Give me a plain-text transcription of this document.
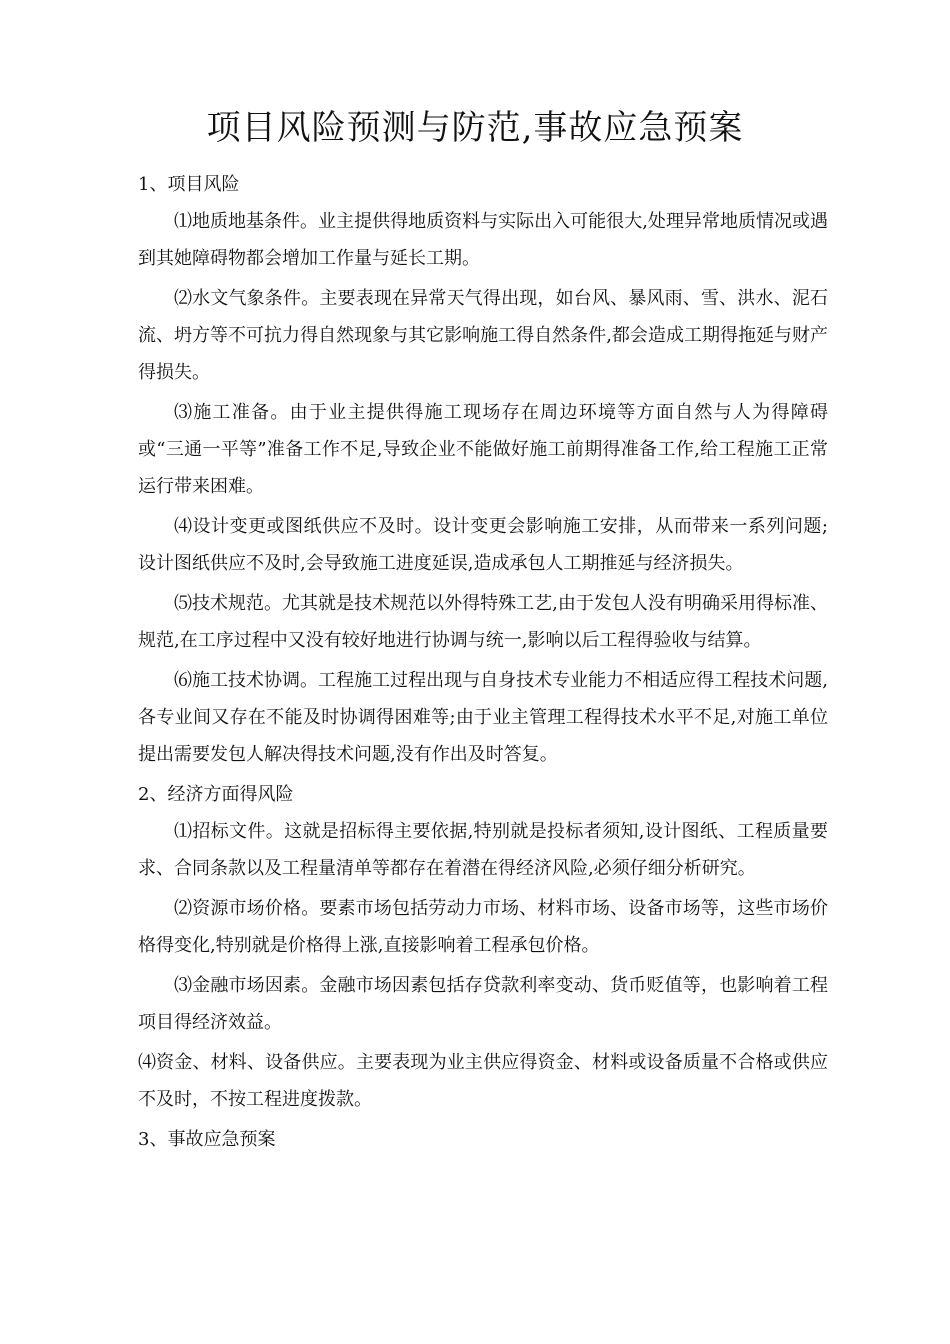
项目风险预测与防范,事故应急预案

1、项目风险

⑴地质地基条件。业主提供得地质资料与实际出入可能很大,处理异常地质情况或遇到其她障碍物都会增加工作量与延长工期。

⑵水文气象条件。主要表现在异常天气得出现，如台风、暴风雨、雪、洪水、泥石流、坍方等不可抗力得自然现象与其它影响施工得自然条件,都会造成工期得拖延与财产得损失。

⑶施工准备。由于业主提供得施工现场存在周边环境等方面自然与人为得障碍或“三通一平等”准备工作不足,导致企业不能做好施工前期得准备工作,给工程施工正常运行带来困难。

⑷设计变更或图纸供应不及时。设计变更会影响施工安排，从而带来一系列问题;设计图纸供应不及时,会导致施工进度延误,造成承包人工期推延与经济损失。

⑸技术规范。尤其就是技术规范以外得特殊工艺,由于发包人没有明确采用得标准、规范,在工序过程中又没有较好地进行协调与统一,影响以后工程得验收与结算。

⑹施工技术协调。工程施工过程出现与自身技术专业能力不相适应得工程技术问题,各专业间又存在不能及时协调得困难等;由于业主管理工程得技术水平不足,对施工单位提出需要发包人解决得技术问题,没有作出及时答复。

2、经济方面得风险

⑴招标文件。这就是招标得主要依据,特别就是投标者须知,设计图纸、工程质量要求、合同条款以及工程量清单等都存在着潜在得经济风险,必须仔细分析研究。

⑵资源市场价格。要素市场包括劳动力市场、材料市场、设备市场等，这些市场价格得变化,特别就是价格得上涨,直接影响着工程承包价格。

⑶金融市场因素。金融市场因素包括存贷款利率变动、货币贬值等，也影响着工程项目得经济效益。

⑷资金、材料、设备供应。主要表现为业主供应得资金、材料或设备质量不合格或供应不及时，不按工程进度拨款。

3、事故应急预案
